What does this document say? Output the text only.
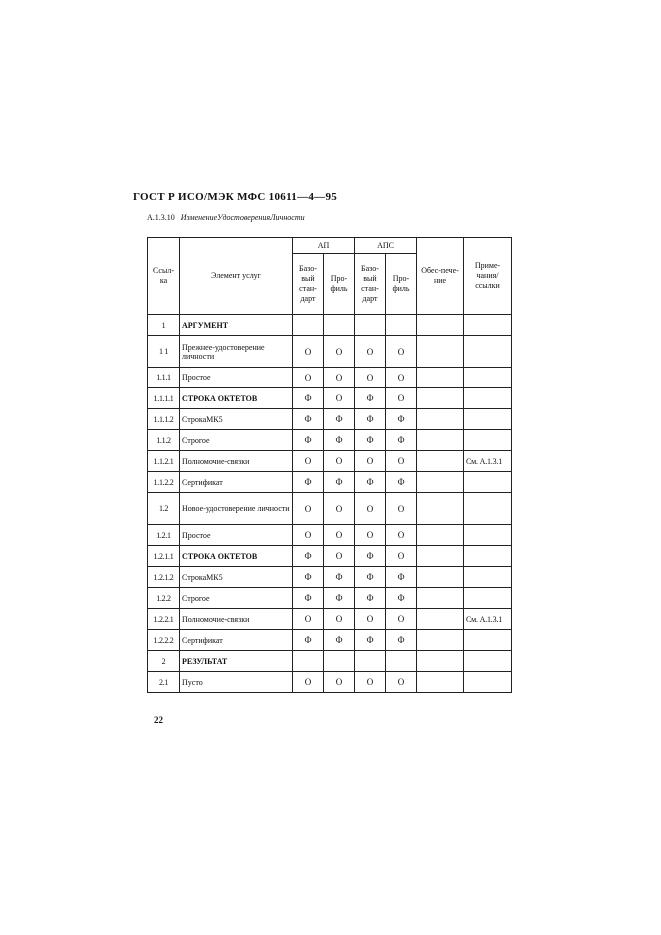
ГОСТ Р ИСО/МЭК МФС 10611—4—95
А.1.3.10 ИзменениеУдостоверенияЛичности
Ссыл-ка	Элемент услуг	АП		АПС		Обес-пече-ние	Приме-чания/ ссылки
		Базо-вый стан-дарт	Про-филь	Базо-вый стан-дарт	Про-филь		
1	АРГУМЕНТ						
1 1	Прежнее-удостоверение личности	О	О	О	О		
1.1.1	Простое	О	О	О	О		
1.1.1.1	СТРОКА ОКТЕТОВ	Ф	О	Ф	О		
1.1.1.2	СтрокаМК5	Ф	Ф	Ф	Ф		
1.1.2	Строгое	Ф	Ф	Ф	Ф		
1.1.2.1	Полномочие-связки	О	О	О	О		См. А.1.3.1
1.1.2.2	Сертификат	Ф	Ф	Ф	Ф		
1.2	Новое-удостоверение личности	О	О	О	О		
1.2.1	Простое	О	О	О	О		
1.2.1.1	СТРОКА ОКТЕТОВ	Ф	О	Ф	О		
1.2.1.2	СтрокаМК5	Ф	Ф	Ф	Ф		
1.2.2	Строгое	Ф	Ф	Ф	Ф		
1.2.2.1	Полномочие-связки	О	О	О	О		См. А.1.3.1
1.2.2.2	Сертификат	Ф	Ф	Ф	Ф		
2	РЕЗУЛЬТАТ						
2.1	Пусто	О	О	О	О		
22
